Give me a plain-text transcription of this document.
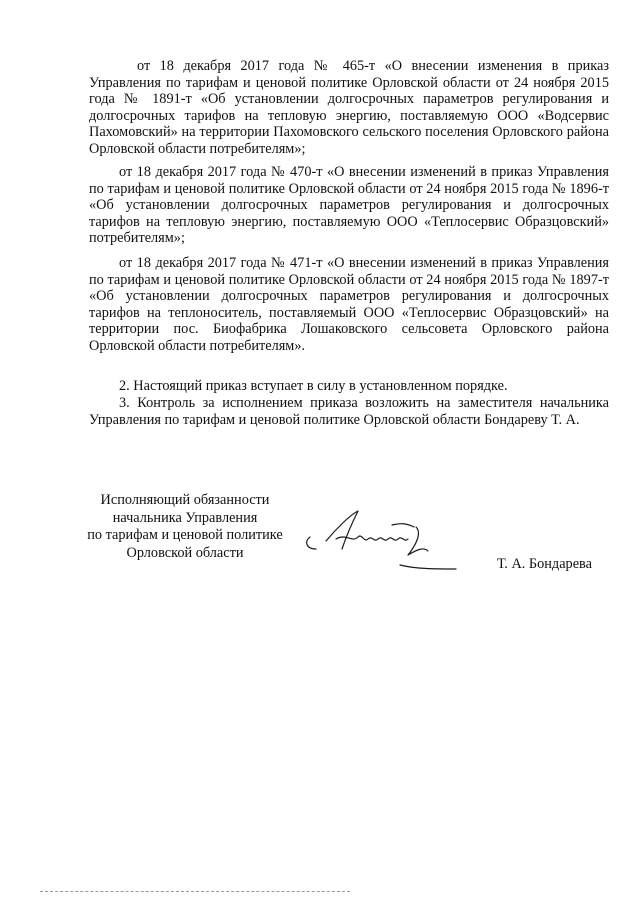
от 18 декабря 2017 года № 465-т «О внесении изменения в приказ Управления по тарифам и ценовой политике Орловской области от 24 ноября 2015 года № 1891-т «Об установлении долгосрочных параметров регулирования и долгосрочных тарифов на тепловую энергию, поставляемую ООО «Водсервис Пахомовский» на территории Пахомовского сельского поселения Орловского района Орловской области потребителям»;

от 18 декабря 2017 года № 470-т «О внесении изменений в приказ Управления по тарифам и ценовой политике Орловской области от 24 ноября 2015 года № 1896-т «Об установлении долгосрочных параметров регулирования и долгосрочных тарифов на тепловую энергию, поставляемую ООО «Теплосервис Образцовский» потребителям»;

от 18 декабря 2017 года № 471-т «О внесении изменений в приказ Управления по тарифам и ценовой политике Орловской области от 24 ноября 2015 года № 1897-т «Об установлении долгосрочных параметров регулирования и долгосрочных тарифов на теплоноситель, поставляемый ООО «Теплосервис Образцовский» на территории пос. Биофабрика Лошаковского сельсовета Орловского района Орловской области потребителям».

2. Настоящий приказ вступает в силу в установленном порядке.

3. Контроль за исполнением приказа возложить на заместителя начальника Управления по тарифам и ценовой политике Орловской области Бондареву Т. А.

Исполняющий обязанности
начальника Управления
по тарифам и ценовой политике
Орловской области
Т. А. Бондарева
